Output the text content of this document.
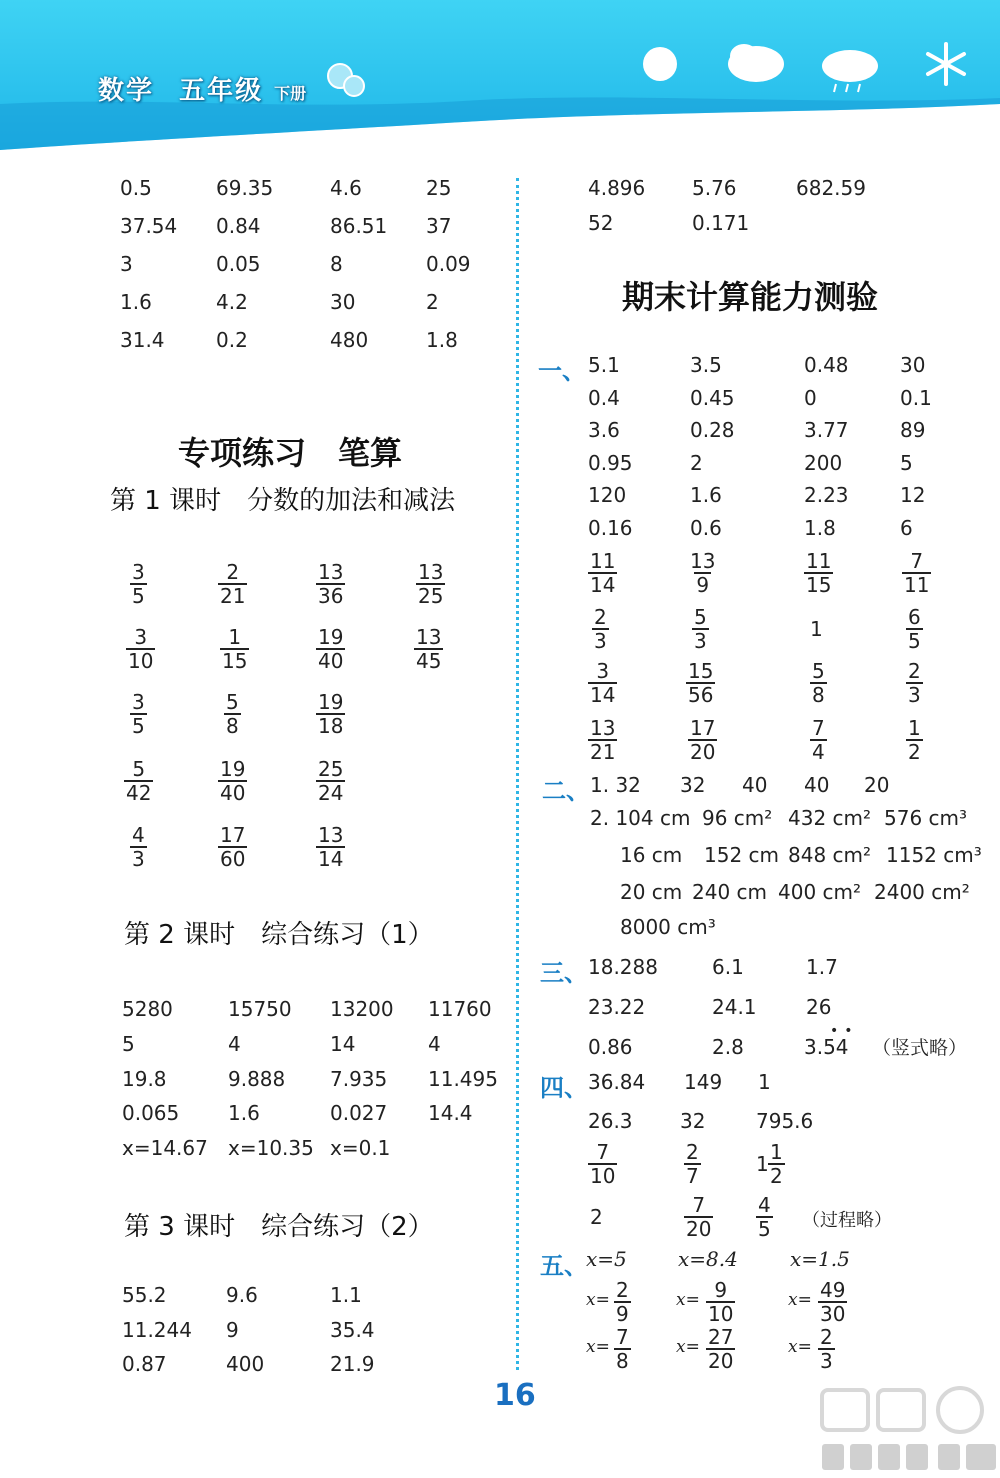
数学 五年级 下册
0.5	69.35	4.6	25
37.54 0.84	86.51 37
3	0.05	8	0.09
1.6	4.2	30	2
31.4	0.2	480	1.8
专项练习　笔算
第 1 课时　分数的加法和减法
$\frac{3}{5}$	$\frac{2}{21}$	$\frac{13}{36}$	$\frac{13}{25}$
$\frac{3}{10}$	$\frac{1}{15}$	$\frac{19}{40}$	$\frac{13}{45}$
$\frac{3}{5}$	$\frac{5}{8}$	$\frac{19}{18}$
$\frac{5}{42}$	$\frac{19}{40}$	$\frac{25}{24}$
$\frac{4}{3}$	$\frac{17}{60}$	$\frac{13}{14}$
第 2 课时　综合练习（1）
5280	15750 13200 11760
5	4	14	4
19.8	9.888 7.935 11.495
0.065 1.6	0.027 14.4
x=14.67 x=10.35 x=0.1
第 3 课时　综合练习（2）
55.2	9.6	1.1
11.244 9	35.4
0.87	400	21.9
4.896 5.76	682.59
52	0.171
期末计算能力测验
一、 5.1	3.5	0.48	30
0.4	0.45	0	0.1
3.6	0.28	3.77	89
0.95	2	200	5
120	1.6	2.23	12
0.16	0.6	1.8	6
$\frac{11}{14}$	$\frac{13}{9}$	$\frac{11}{15}$	$\frac{7}{11}$
$\frac{2}{3}$	$\frac{5}{3}$	1	$\frac{6}{5}$
$\frac{3}{14}$	$\frac{15}{56}$	$\frac{5}{8}$	$\frac{2}{3}$
$\frac{13}{21}$	$\frac{17}{20}$	$\frac{7}{4}$	$\frac{1}{2}$
二、 1. 32 32 40 40 20
2. 104 cm 96 cm² 432 cm² 576 cm³
16 cm 152 cm 848 cm² 1152 cm³
20 cm 240 cm 400 cm² 2400 cm²
8000 cm³
三、 18.288	6.1	1.7
23.22	24.1 26
0.86	2.8	3.54
••
（竖式略）
四、 36.84 149 1
26.3 32	795.6
$\frac{7}{10}$	$\frac{2}{7}$	$1 \frac{1}{2}$
2	$\frac{7}{20} \frac{4}{5}$ （过程略）
五、
x=5	x=8.4	x=1.5
$x= \frac{2}{9}$	$x= \frac{9}{10}$	$x= \frac{49}{30}$
$x= \frac{7}{8}$	$x= \frac{27}{20}$	$x= \frac{2}{3}$
16
